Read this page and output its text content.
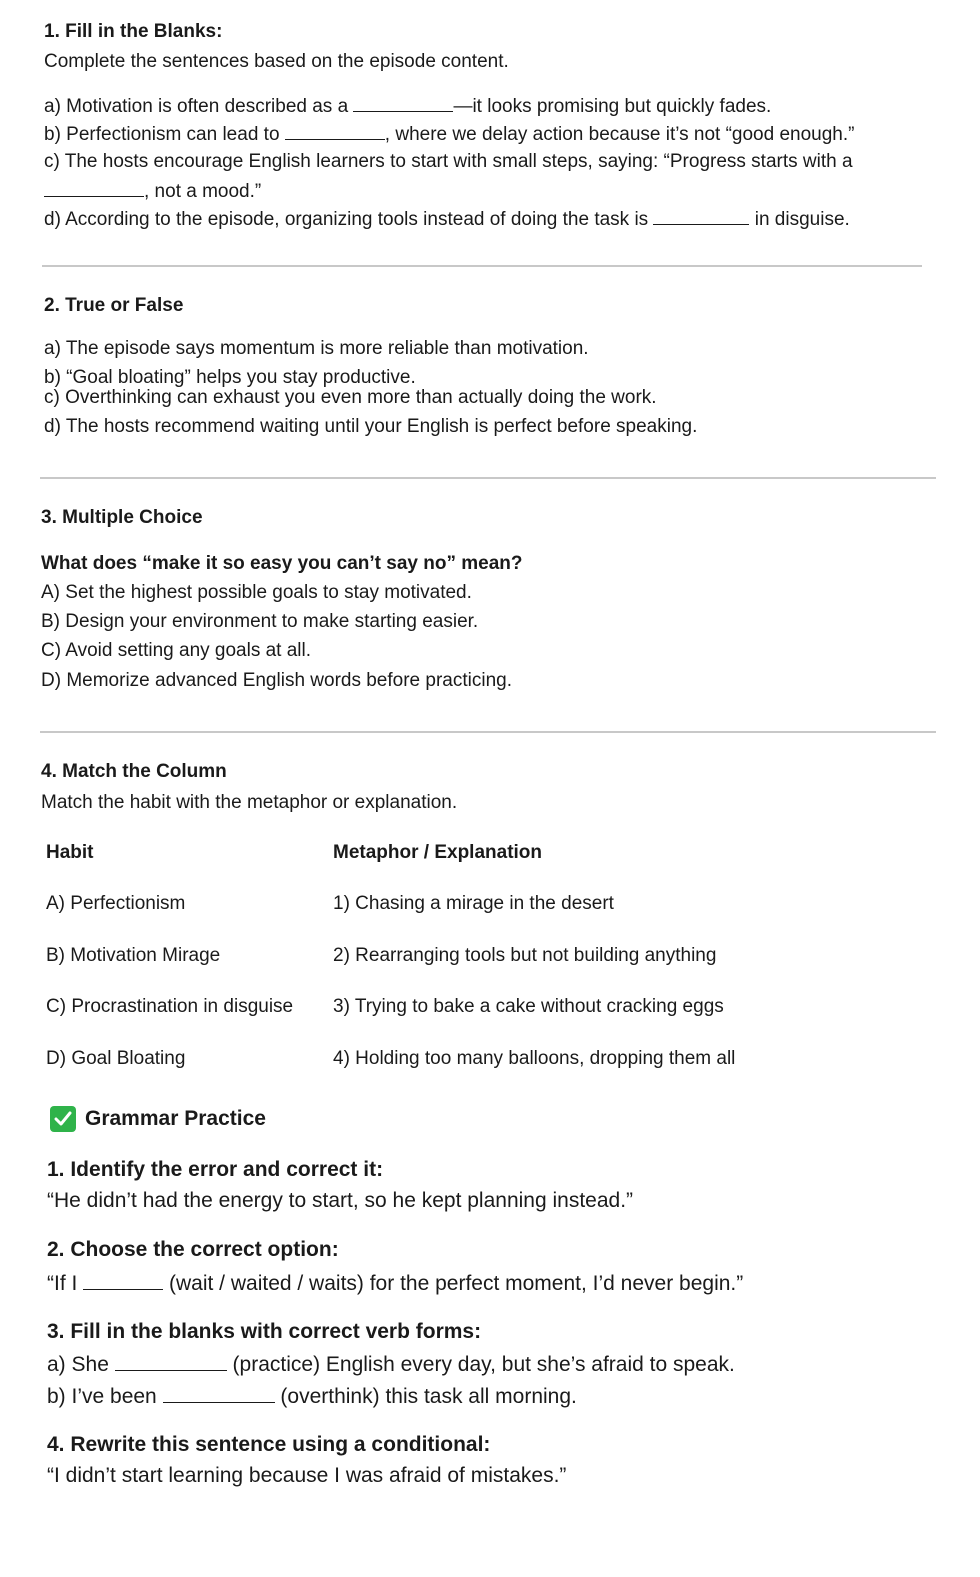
1. Fill in the Blanks:
Complete the sentences based on the episode content.
a) Motivation is often described as a	—it looks promising but quickly fades.
b) Perfectionism can lead to	, where we delay action because it’s not “good enough.”
c) The hosts encourage English learners to start with small steps, saying: “Progress starts with a
, not a mood.”
d) According to the episode, organizing tools instead of doing the task is	in disguise.
2. True or False
a) The episode says momentum is more reliable than motivation.
b) “Goal bloating” helps you stay productive.
c) Overthinking can exhaust you even more than actually doing the work.
d) The hosts recommend waiting until your English is perfect before speaking.
3. Multiple Choice
What does “make it so easy you can’t say no” mean?
A) Set the highest possible goals to stay motivated.
B) Design your environment to make starting easier.
C) Avoid setting any goals at all.
D) Memorize advanced English words before practicing.
4. Match the Column
Match the habit with the metaphor or explanation.
Habit	Metaphor / Explanation
A) Perfectionism	1) Chasing a mirage in the desert
B) Motivation Mirage	2) Rearranging tools but not building anything
C) Procrastination in disguise 3) Trying to bake a cake without cracking eggs
D) Goal Bloating	4) Holding too many balloons, dropping them all
Grammar Practice
1. Identify the error and correct it:
“He didn’t had the energy to start, so he kept planning instead.”
2. Choose the correct option:
“If I	(wait / waited / waits) for the perfect moment, I’d never begin.”
3. Fill in the blanks with correct verb forms:
a) She	(practice) English every day, but she’s afraid to speak.
b) I’ve been	(overthink) this task all morning.
4. Rewrite this sentence using a conditional:
“I didn’t start learning because I was afraid of mistakes.”
